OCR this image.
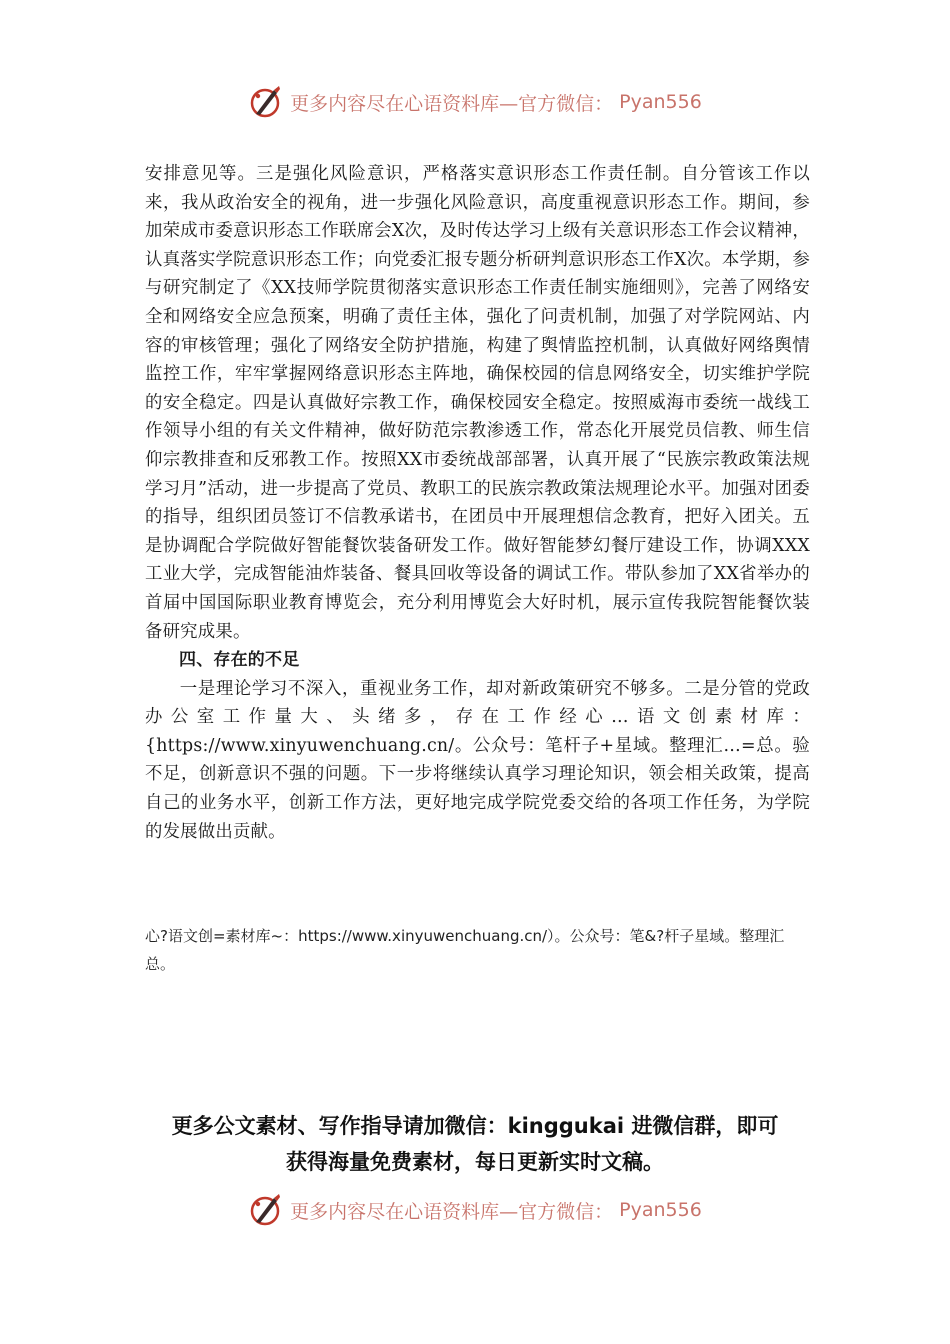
更多内容尽在心语资料库—官方微信： Pyan556

安排意见等。三是强化风险意识，严格落实意识形态工作责任制。自分管该工作以来，我从政治安全的视角，进一步强化风险意识，高度重视意识形态工作。期间，参加荣成市委意识形态工作联席会X次，及时传达学习上级有关意识形态工作会议精神，认真落实学院意识形态工作；向党委汇报专题分析研判意识形态工作X次。本学期，参与研究制定了《XX技师学院贯彻落实意识形态工作责任制实施细则》，完善了网络安全和网络安全应急预案，明确了责任主体，强化了问责机制，加强了对学院网站、内容的审核管理；强化了网络安全防护措施，构建了舆情监控机制，认真做好网络舆情监控工作，牢牢掌握网络意识形态主阵地，确保校园的信息网络安全，切实维护学院的安全稳定。四是认真做好宗教工作，确保校园安全稳定。按照威海市委统一战线工作领导小组的有关文件精神，做好防范宗教渗透工作，常态化开展党员信教、师生信仰宗教排查和反邪教工作。按照XX市委统战部部署，认真开展了“民族宗教政策法规学习月”活动，进一步提高了党员、教职工的民族宗教政策法规理论水平。加强对团委的指导，组织团员签订不信教承诺书，在团员中开展理想信念教育，把好入团关。五是协调配合学院做好智能餐饮装备研发工作。做好智能梦幻餐厅建设工作，协调XXX工业大学，完成智能油炸装备、餐具回收等设备的调试工作。带队参加了XX省举办的首届中国国际职业教育博览会，充分利用博览会大好时机，展示宣传我院智能餐饮装备研究成果。

四、存在的不足

一是理论学习不深入，重视业务工作，却对新政策研究不够多。二是分管的党政办公室工作量大、头绪多，存在工作经心…语文创素材库：{https://www.xinyuwenchuang.cn/。公众号：笔杆子+星域。整理汇…=总。验不足，创新意识不强的问题。下一步将继续认真学习理论知识，领会相关政策，提高自己的业务水平，创新工作方法，更好地完成学院党委交给的各项工作任务，为学院的发展做出贡献。

心?语文创=素材库~：https://www.xinyuwenchuang.cn/）。公众号：笔&?杆子星域。整理汇总。
更多公文素材、写作指导请加微信：kinggukai 进微信群，即可
获得海量免费素材，每日更新实时文稿。
更多内容尽在心语资料库—官方微信： Pyan556
